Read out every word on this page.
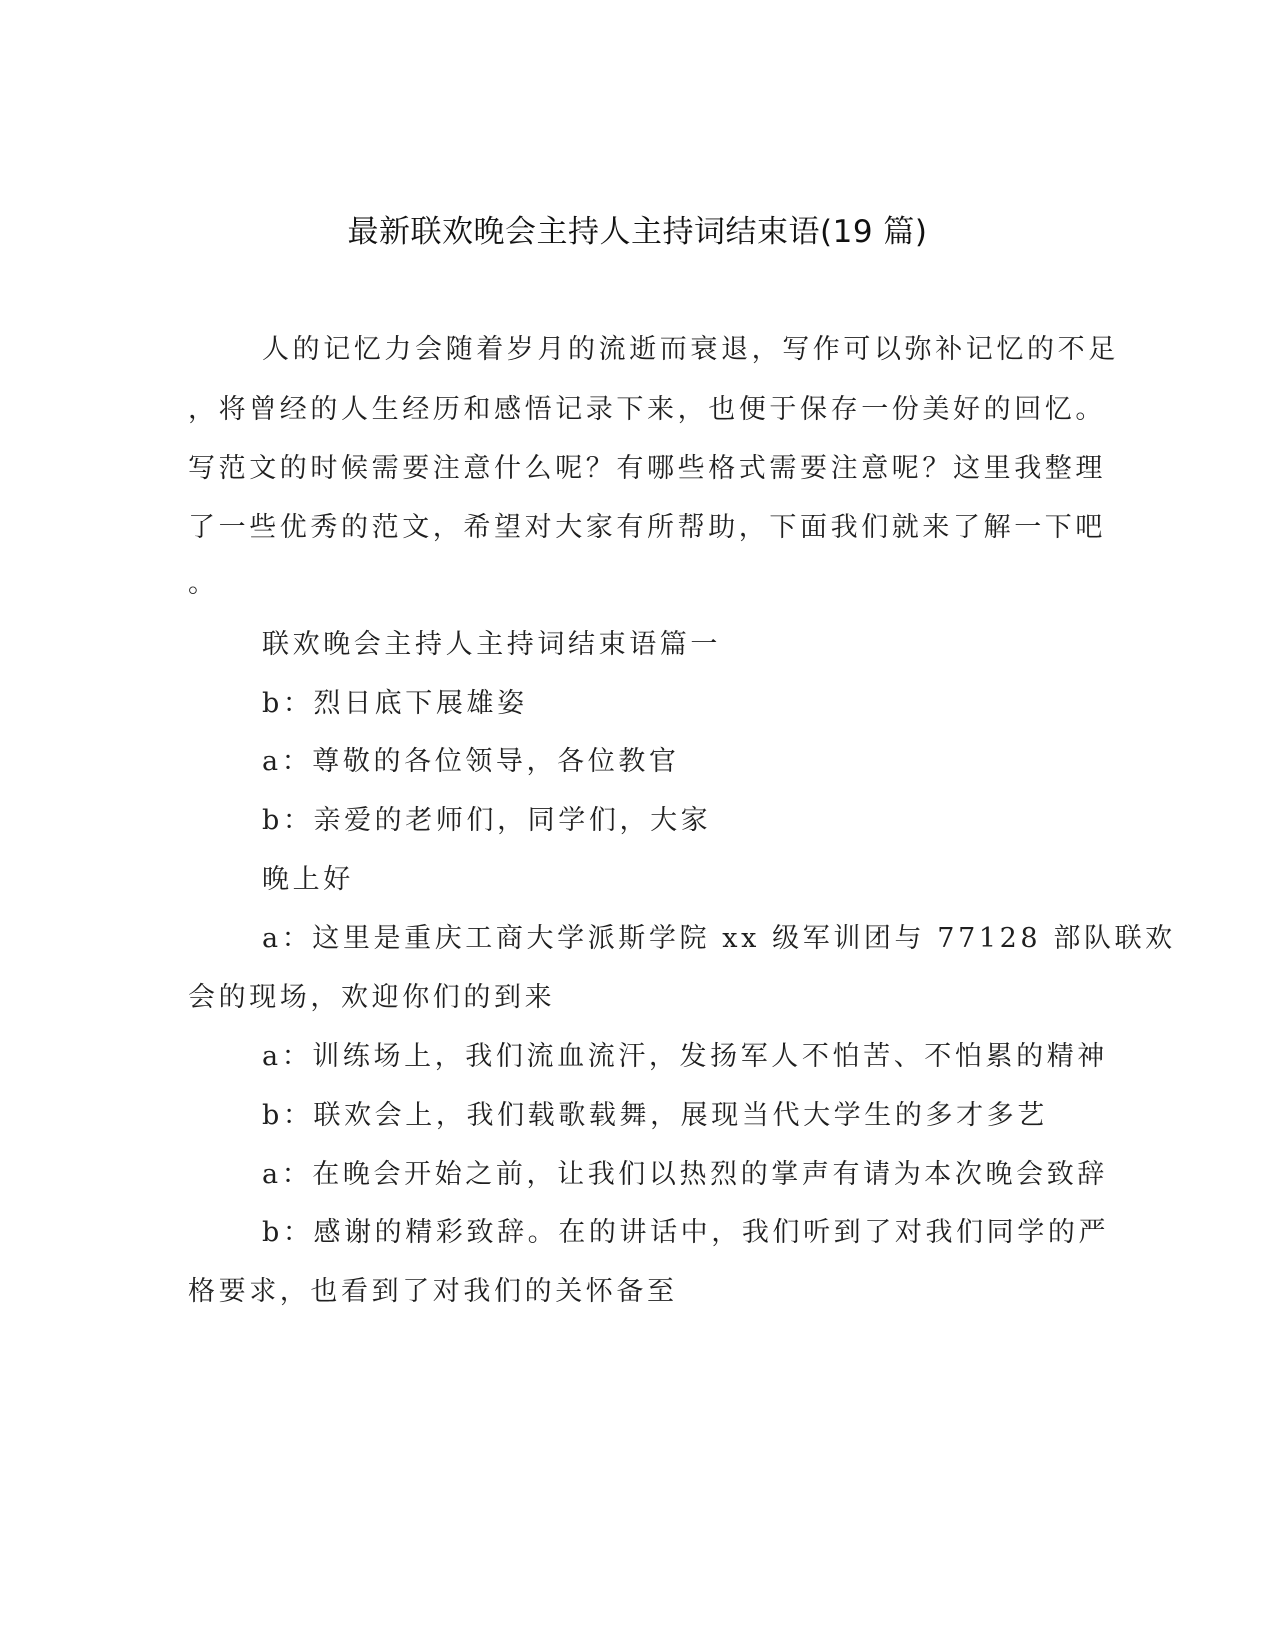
最新联欢晚会主持人主持词结束语(19 篇)
人的记忆力会随着岁月的流逝而衰退，写作可以弥补记忆的不足
，将曾经的人生经历和感悟记录下来，也便于保存一份美好的回忆。
写范文的时候需要注意什么呢？有哪些格式需要注意呢？这里我整理
了一些优秀的范文，希望对大家有所帮助，下面我们就来了解一下吧
。
联欢晚会主持人主持词结束语篇一
b：烈日底下展雄姿
a：尊敬的各位领导，各位教官
b：亲爱的老师们，同学们，大家
晚上好
a：这里是重庆工商大学派斯学院 xx 级军训团与 77128 部队联欢
会的现场，欢迎你们的到来
a：训练场上，我们流血流汗，发扬军人不怕苦、不怕累的精神
b：联欢会上，我们载歌载舞，展现当代大学生的多才多艺
a：在晚会开始之前，让我们以热烈的掌声有请为本次晚会致辞
b：感谢的精彩致辞。在的讲话中，我们听到了对我们同学的严
格要求，也看到了对我们的关怀备至
